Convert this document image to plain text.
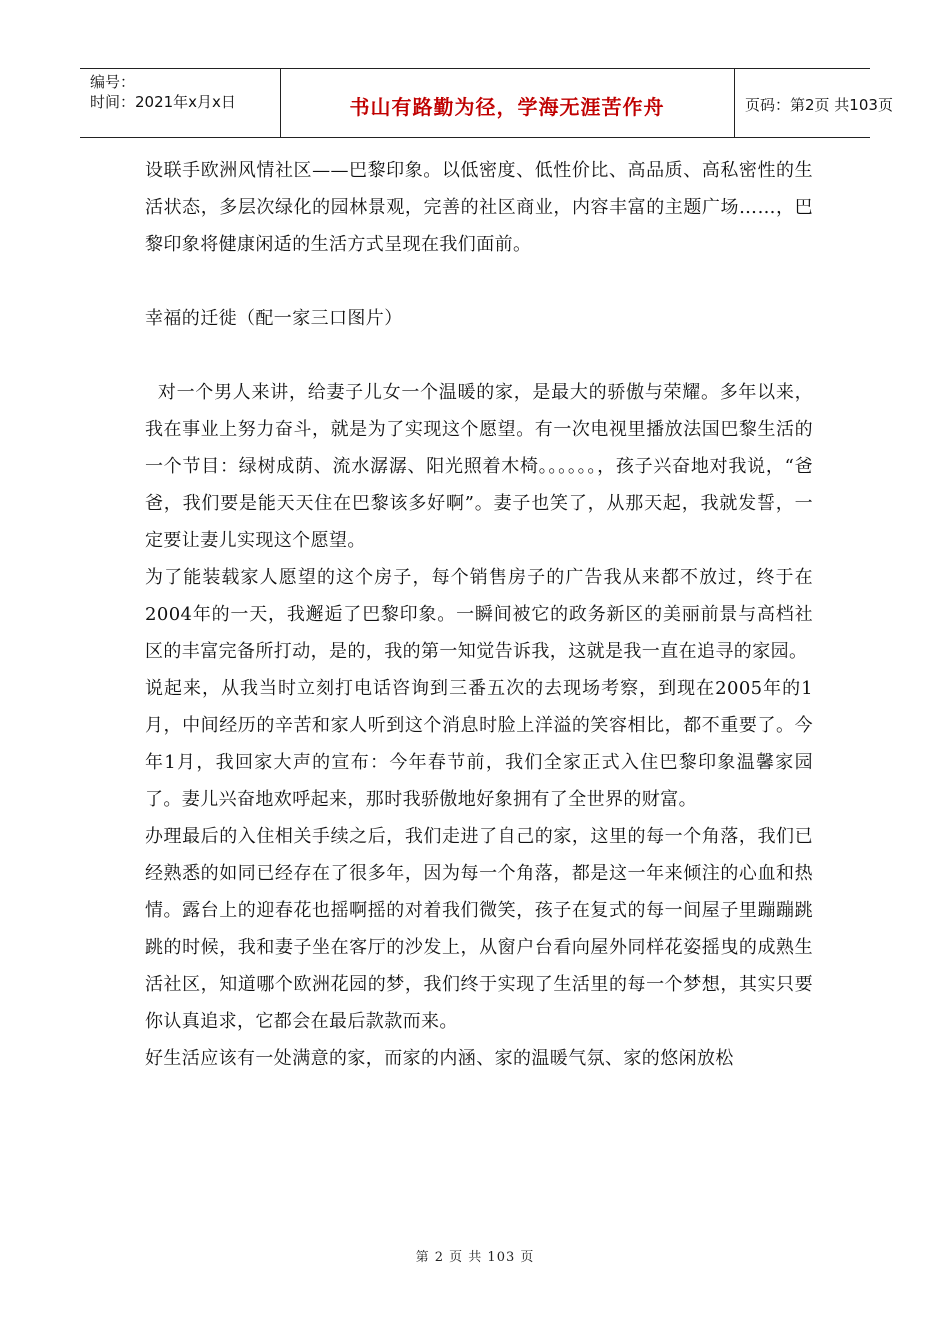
编号：
时间：2021年x月x日	书山有路勤为径，学海无涯苦作舟	页码：第2页 共103页

设联手欧洲风情社区——巴黎印象。以低密度、低性价比、高品质、高私密性的生活状态，多层次绿化的园林景观，完善的社区商业，内容丰富的主题广场……，巴黎印象将健康闲适的生活方式呈现在我们面前。

幸福的迁徙（配一家三口图片）

对一个男人来讲，给妻子儿女一个温暖的家，是最大的骄傲与荣耀。多年以来，我在事业上努力奋斗，就是为了实现这个愿望。有一次电视里播放法国巴黎生活的一个节目：绿树成荫、流水潺潺、阳光照着木椅。。。。。。，孩子兴奋地对我说，“爸爸，我们要是能天天住在巴黎该多好啊”。妻子也笑了，从那天起，我就发誓，一定要让妻儿实现这个愿望。

为了能装载家人愿望的这个房子，每个销售房子的广告我从来都不放过，终于在2004年的一天，我邂逅了巴黎印象。一瞬间被它的政务新区的美丽前景与高档社区的丰富完备所打动，是的，我的第一知觉告诉我，这就是我一直在追寻的家园。

说起来，从我当时立刻打电话咨询到三番五次的去现场考察，到现在2005年的1月，中间经历的辛苦和家人听到这个消息时脸上洋溢的笑容相比，都不重要了。今年1月，我回家大声的宣布：今年春节前，我们全家正式入住巴黎印象温馨家园了。妻儿兴奋地欢呼起来，那时我骄傲地好象拥有了全世界的财富。

办理最后的入住相关手续之后，我们走进了自己的家，这里的每一个角落，我们已经熟悉的如同已经存在了很多年，因为每一个角落，都是这一年来倾注的心血和热情。露台上的迎春花也摇啊摇的对着我们微笑，孩子在复式的每一间屋子里蹦蹦跳跳的时候，我和妻子坐在客厅的沙发上，从窗户台看向屋外同样花姿摇曳的成熟生活社区，知道哪个欧洲花园的梦，我们终于实现了生活里的每一个梦想，其实只要你认真追求，它都会在最后款款而来。

好生活应该有一处满意的家，而家的内涵、家的温暖气氛、家的悠闲放松

第 2 页 共 103 页
